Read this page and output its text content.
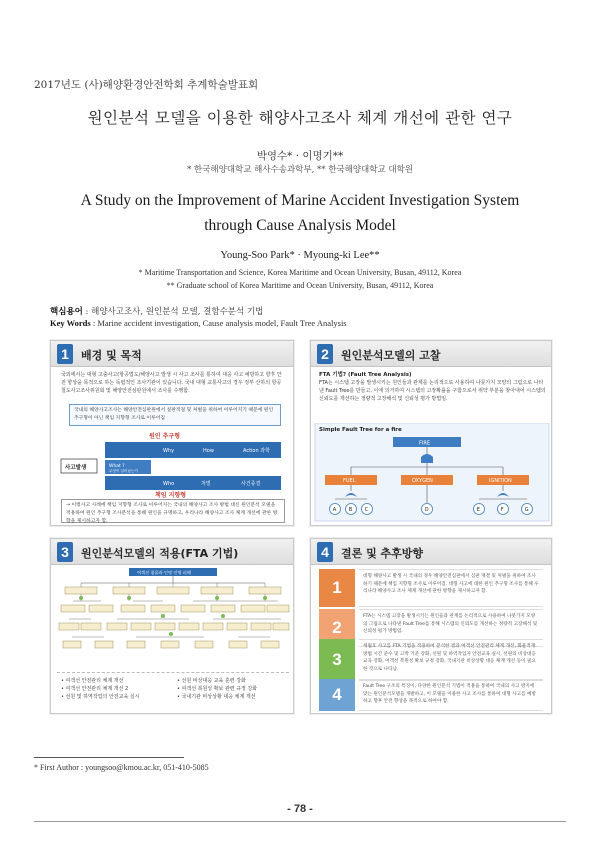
2017년도 (사)해양환경안전학회 추계학술발표회
원인분석 모델을 이용한 해양사고조사 체계 개선에 관한 연구
박영수* · 이명기**
* 한국해양대학교 해사수송과학부, ** 한국해양대학교 대학원
A Study on the Improvement of Marine Accident Investigation System
through Cause Analysis Model
Young-Soo Park* · Myoung-ki Lee**
* Maritime Transportation and Science, Korea Maritime and Ocean University, Busan, 49112, Korea
** Graduate school of Korea Maritime and Ocean University, Busan, 49112, Korea
핵심용어 : 해양사고조사, 원인분석 모델, 결함수분석 기법
Key Words : Marine accident investigation, Cause analysis model, Fault Tree Analysis
1	배경 및 목적
국외에서는 대형 고출사고(항공법도/해양사고 발생 시 사고 조사를 통하여 대응 사고 예방하고 향후 안전 향상을 목적으로 하는 독립적인 조사기관이 있습니다. 국내 대형 교통사고의 경우 정부 산하의 항공철도사고조사위원회 및 해양안전심판원에서 조사를 수행함.
국내의 해양사고조사는 해양안전심판원에서 실판적절 및 처벌을 위하여 이루어지기 때문에 원인 추구형이 아닌 책임 지향형 조사로 이루어짐
원인 추구형
Why	How	Action 과학
사고발생	What ?
무엇이 일어났는가
Who	처벌	사건종결
책임 지향형
→ 이렇사고 사례에 책임 지향형 조사로 이루어지는 국내의 해양사고 조사 방법 대신 원인분석 모델을 적용하여 원인 추구형 조사분석을 통해 원인을 규명하고, 우리나라 해양사고 조사 체계 개선에 관한 방향을 제시하고자 함.
2	원인분석모델의 고찰
FTA 기법? (Fault Tree Analysis)
FTA는 시스템 고장을 발생시키는 원인들과 관계를 논리적으로 사용하여 나뭇가지 모양의 그림으로 나타낸 Fault Tree를 만들고, 이에 의거하여 시스템의 고장확률을 구함으로서 취약 부분을 찾아내어 시스템의 신뢰도를 개선하는 정량적 고장해석 및 신뢰성 평가 방법임.
Simple Fault Tree for a fire
FIRE
FUEL	OXYGEN	IGNITION
A	B	C	D	E	F	G
3	원인분석모델의 적용(FTA 기법)
여객선 침몰과 인명 인명 피해
• 여객선 안전관리 체계 개선
• 여객선 안전관리 체계 개선 2
• 선원 및 하역작업의 안전교육 실시
• 선원 비상대응 교육 훈련 강화
• 여객선 복원성 확보 관련 규정 강화
• 국내기관 비상상황 대응 체계 개선
4	결론 및 추후방향
1
대형 해양사고 발생 시 국내의 경우 해양안전심판에서 심판 재결 및 처벌을 위하여 조사하기 때문에 책임 지향형 조사로 이루어짐. 대형 사고에 대한 원인 추구형 조사를 통해 우리나라 해양사고 조사 체계 개선에 관한 방향을 제시하고자 함.
2
FTA는 시스템 고장을 발생시키는 원인들과 관계를 논리적으로 사용하여 나뭇가지 모양의 그림으로 나타낸 Fault Tree를 통해 시스템의 신뢰도를 개선하는 정량적 고장해석 및 신뢰성 평가 방법임.
3
세월호 사고를 FTA 기법을 적용하여 분석한 결과 여객선 안전관리 체계 개선, 화물적재 방법 시간 준수 및 고박 기준 강화, 선원 및 하역작업자 안전교육 실시, 선원의 비상대응 교육 강화, 여객선 복원성 확보 규정 강화, 국내기관 비상상황 대응 체계 개선 등이 필요한 것으로 나타남.
4	Fault Tree 구조의 특징이, 다양한 원인분석 기법이 적용을 통하여 국내의 사고 방지에 맞는 원인분석모델을 개발하고, 이 모델을 이용한 사고 조사를 통하여 대형 사고를 예방하고 향후 안전 향상을 목적으로 하여야 함.
* First Author : youngsoo@kmou.ac.kr, 051-410-5085
- 78 -
